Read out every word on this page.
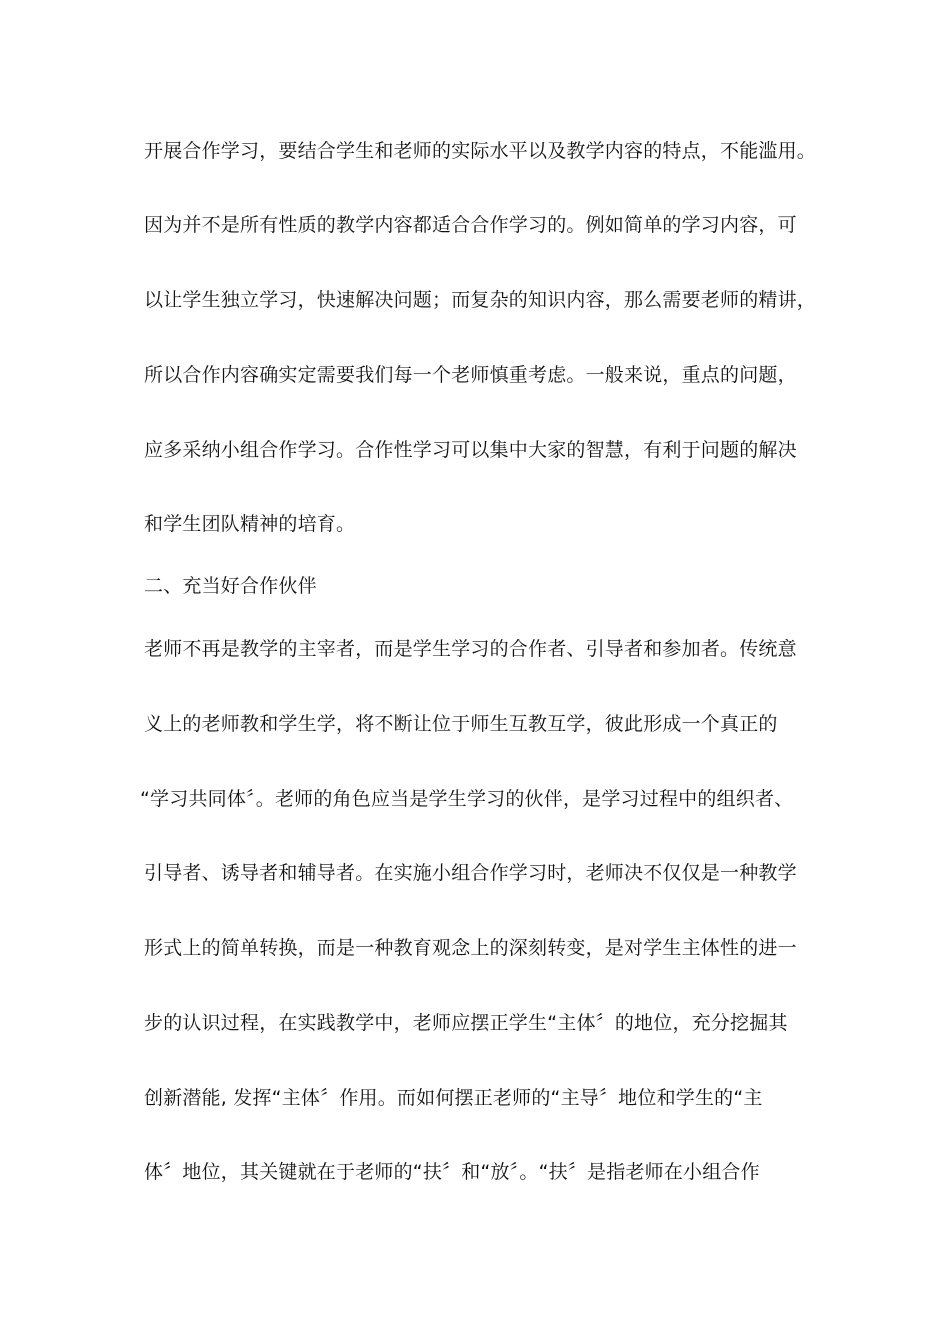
开展合作学习，要结合学生和老师的实际水平以及教学内容的特点，不能滥用。
因为并不是所有性质的教学内容都适合合作学习的。例如简单的学习内容，可
以让学生独立学习，快速解决问题；而复杂的知识内容，那么需要老师的精讲，
所以合作内容确实定需要我们每一个老师慎重考虑。一般来说，重点的问题，
应多采纳小组合作学习。合作性学习可以集中大家的智慧，有利于问题的解决
和学生团队精神的培育。
二、充当好合作伙伴
老师不再是教学的主宰者，而是学生学习的合作者、引导者和参加者。传统意
义上的老师教和学生学，将不断让位于师生互教互学，彼此形成一个真正的
“学习共同体〞。老师的角色应当是学生学习的伙伴，是学习过程中的组织者、
引导者、诱导者和辅导者。在实施小组合作学习时，老师决不仅仅是一种教学
形式上的简单转换，而是一种教育观念上的深刻转变，是对学生主体性的进一
步的认识过程，在实践教学中，老师应摆正学生“主体〞的地位，充分挖掘其
创新潜能, 发挥“主体〞作用。而如何摆正老师的“主导〞地位和学生的“主
体〞地位，其关键就在于老师的“扶〞和“放〞。“扶〞是指老师在小组合作
